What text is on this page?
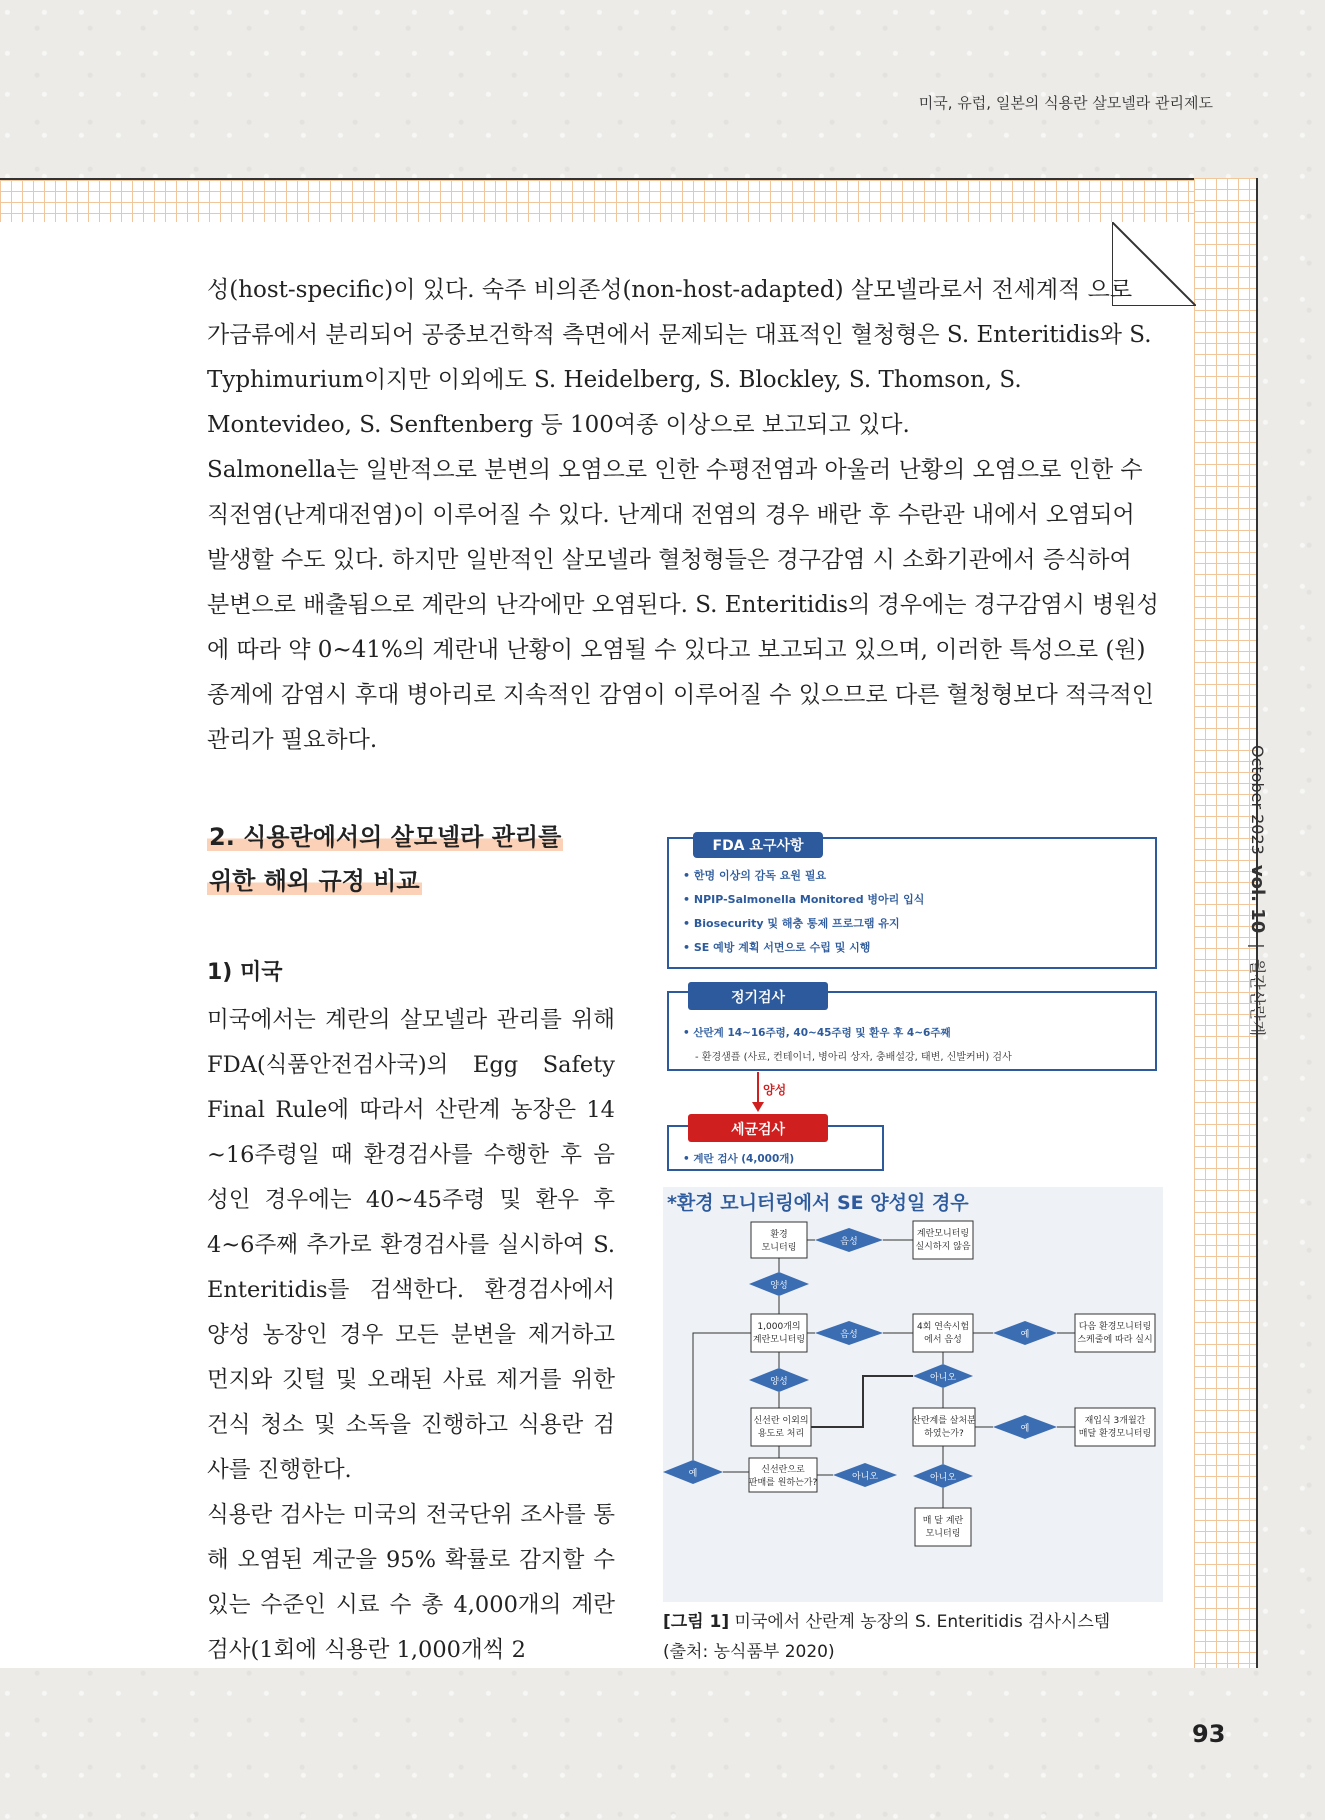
미국, 유럽, 일본의 식용란 살모넬라 관리제도
October 2023vol. 10|  월간산란계

성(host-specific)이 있다. 숙주 비의존성(non-host-adapted) 살모넬라로서 전세계적 으로 가금류에서 분리되어 공중보건학적 측면에서 문제되는 대표적인 혈청형은 S. Enteritidis와 S. Typhimurium이지만 이외에도 S. Heidelberg, S. Blockley, S. Thomson, S. Montevideo, S. Senftenberg 등 100여종 이상으로 보고되고 있다.

Salmonella는 일반적으로 분변의 오염으로 인한 수평전염과 아울러 난황의 오염으로 인한 수직전염(난계대전염)이 이루어질 수 있다. 난계대 전염의 경우 배란 후 수란관 내에서 오염되어 발생할 수도 있다. 하지만 일반적인 살모넬라 혈청형들은 경구감염 시 소화기관에서 증식하여 분변으로 배출됨으로 계란의 난각에만 오염된다. S. Enteritidis의 경우에는 경구감염시 병원성에 따라 약 0~41%의 계란내 난황이 오염될 수 있다고 보고되고 있으며, 이러한 특성으로 (원)종계에 감염시 후대 병아리로 지속적인 감염이 이루어질 수 있으므로 다른 혈청형보다 적극적인 관리가 필요하다.

2. 식용란에서의 살모넬라 관리를
위한 해외 규정 비교
1) 미국

미국에서는 계란의 살모넬라 관리를 위해 FDA(식품안전검사국)의 Egg Safety Final Rule에 따라서 산란계 농장은 14 ~16주령일 때 환경검사를 수행한 후 음성인 경우에는 40~45주령 및 환우 후 4~6주째 추가로 환경검사를 실시하여 S. Enteritidis를 검색한다. 환경검사에서 양성 농장인 경우 모든 분변을 제거하고 먼지와 깃털 및 오래된 사료 제거를 위한 건식 청소 및 소독을 진행하고 식용란 검사를 진행한다.

식용란 검사는 미국의 전국단위 조사를 통해 오염된 계군을 95% 확률로 감지할 수 있는 수준인 시료 수 총 4,000개의 계란 검사(1회에 식용란 1,000개씩 2

FDA 요구사항
• 한명 이상의 감독 요원 필요
• NPIP-Salmonella Monitored 병아리 입식
• Biosecurity 및 해충 통제 프로그램 유지
• SE 예방 계획 서면으로 수립 및 시행
정기검사
• 산란계 14~16주령, 40~45주령 및 환우 후 4~6주째
- 환경샘플 (사료, 컨테이너, 병아리 상자, 충배설강, 태변, 신발커버) 검사
양성
세균검사
• 계란 검사 (4,000개)
*환경 모니터링에서 SE 양성일 경우
환경
모니터링
음성
계란모니터링
실시하지 않음
양성
1,000개의
계란모니터링	음성
4회 연속시험
에서 음성	예
다음 환경모니터링
스케줄에 따라 실시
양성	아니오
신선란 이외의
용도로 처리
산란계를 살처분
하였는가?	예
재입식 3개월간
매달 환경모니터링
예	신선란으로
판매를 원하는가?
아니오	아니오
매 달 계란
모니터링
[그림 1] 미국에서 산란계 농장의 S. Enteritidis 검사시스템
(출처: 농식품부 2020)
93
